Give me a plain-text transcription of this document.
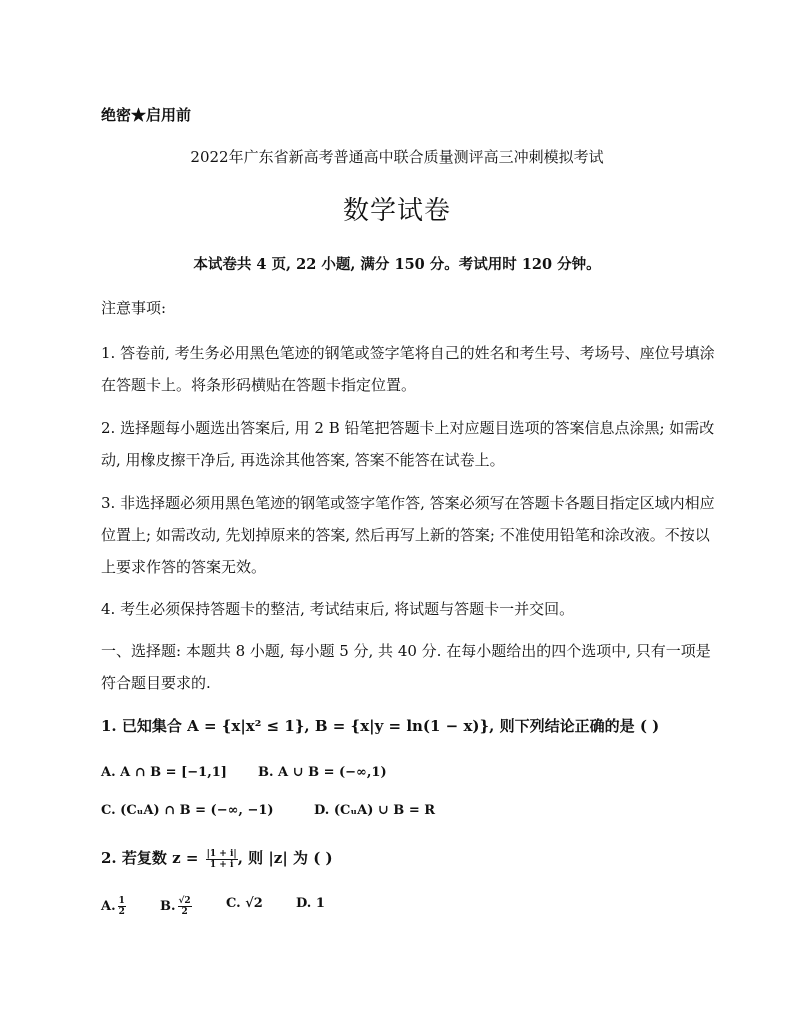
绝密★启用前
2022年广东省新高考普通高中联合质量测评高三冲刺模拟考试
数学试卷
本试卷共 4 页, 22 小题, 满分 150 分。考试用时 120 分钟。
注意事项:
1. 答卷前, 考生务必用黑色笔迹的钢笔或签字笔将自己的姓名和考生号、考场号、座位号填涂在答题卡上。将条形码横贴在答题卡指定位置。
2. 选择题每小题选出答案后, 用 2 B 铅笔把答题卡上对应题目选项的答案信息点涂黑; 如需改动, 用橡皮擦干净后, 再选涂其他答案, 答案不能答在试卷上。
3. 非选择题必须用黑色笔迹的钢笔或签字笔作答, 答案必须写在答题卡各题目指定区域内相应位置上; 如需改动, 先划掉原来的答案, 然后再写上新的答案; 不准使用铅笔和涂改液。不按以上要求作答的答案无效。
4. 考生必须保持答题卡的整洁, 考试结束后, 将试题与答题卡一并交回。
一、选择题: 本题共 8 小题, 每小题 5 分, 共 40 分. 在每小题给出的四个选项中, 只有一项是符合题目要求的.
1. 已知集合 A = {x|x² ≤ 1}, B = {x|y = ln(1 − x)}, 则下列结论正确的是 ( )
A. A ∩ B = [−1,1] B. A ∪ B = (−∞,1)
C. (CᵤA) ∩ B = (−∞, −1)	D. (CᵤA) ∪ B = R
2. 若复数 $z = \frac{|1 + i|}{1 + i}$ , 则 |z| 为 ( )
A. $\frac{1}{2}$	B. $\frac{√2}{2}$	C. √2	D. 1
